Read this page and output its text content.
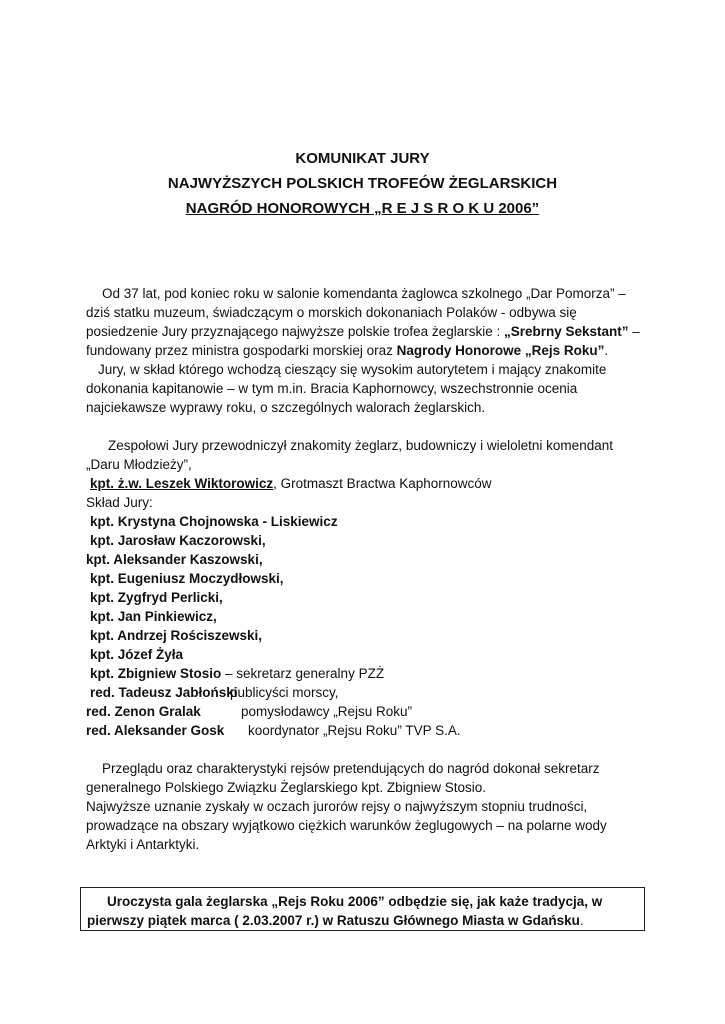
KOMUNIKAT JURY
NAJWYŻSZYCH POLSKICH TROFEÓW ŻEGLARSKICH
NAGRÓD HONOROWYCH „R E J S R O K U 2006”

Od 37 lat, pod koniec roku w salonie komendanta żaglowca szkolnego „Dar Pomorza” – dziś statku muzeum, świadczącym o morskich dokonaniach Polaków - odbywa się posiedzenie Jury przyznającego najwyższe polskie trofea żeglarskie : „Srebrny Sekstant” – fundowany przez ministra gospodarki morskiej oraz Nagrody Honorowe „Rejs Roku”.

Jury, w skład którego wchodzą cieszący się wysokim autorytetem i mający znakomite dokonania kapitanowie – w tym m.in. Bracia Kaphornowcy, wszechstronnie ocenia najciekawsze wyprawy roku, o szczególnych walorach żeglarskich.

Zespołowi Jury przewodniczył znakomity żeglarz, budowniczy i wieloletni komendant „Daru Młodzieży”,

kpt. ż.w. Leszek Wiktorowicz, Grotmaszt Bractwa Kaphornowców

Skład Jury:

kpt. Krystyna Chojnowska - Liskiewicz

kpt. Jarosław Kaczorowski,

kpt. Aleksander Kaszowski,

kpt. Eugeniusz Moczydłowski,

kpt. Zygfryd Perlicki,

kpt. Jan Pinkiewicz,

kpt. Andrzej Rościszewski,

kpt. Józef Żyła

kpt. Zbigniew Stosio – sekretarz generalny PZŻ

red. Tadeusz Jabłońskipublicyści morscy,

red. Zenon Gralak	pomysłodawcy „Rejsu Roku”

red. Aleksander Gosk koordynator „Rejsu Roku” TVP S.A.

Przeglądu oraz charakterystyki rejsów pretendujących do nagród dokonał sekretarz generalnego Polskiego Związku Żeglarskiego kpt. Zbigniew Stosio.

Najwyższe uznanie zyskały w oczach jurorów rejsy o najwyższym stopniu trudności, prowadzące na obszary wyjątkowo ciężkich warunków żeglugowych – na polarne wody Arktyki i Antarktyki.

Uroczysta gala żeglarska „Rejs Roku 2006” odbędzie się, jak każe tradycja, w pierwszy piątek marca ( 2.03.2007 r.) w Ratuszu Głównego Miasta w Gdańsku.
